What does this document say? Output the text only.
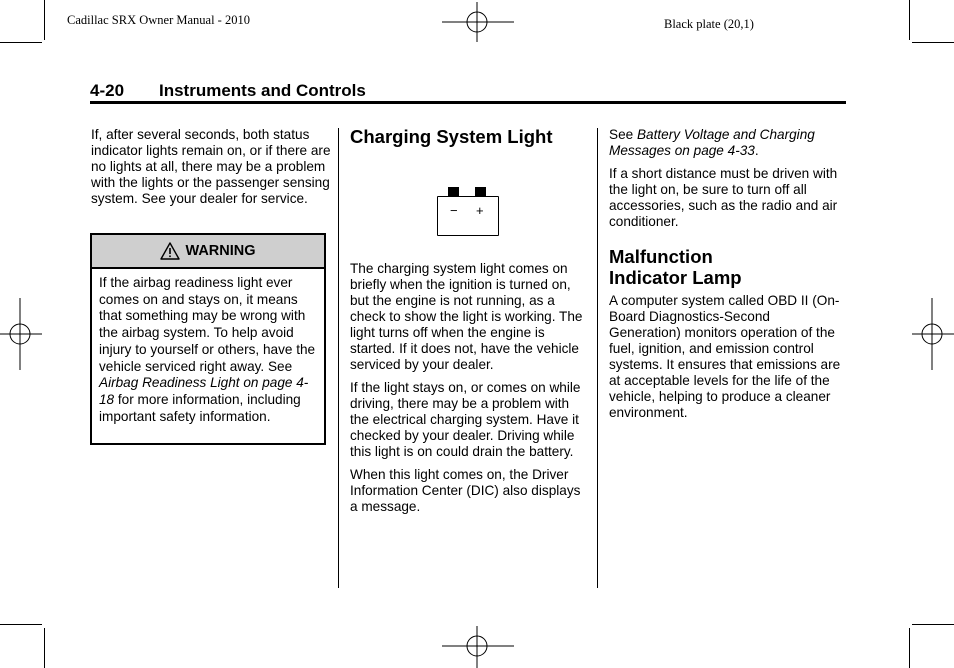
Cadillac SRX Owner Manual - 2010	Black plate (20,1)
4-20 Instruments and Controls
If, after several seconds, both status indicator lights remain on, or if there are no lights at all, there may be a problem with the lights or the passenger sensing system. See your dealer for service.
WARNING
If the airbag readiness light ever comes on and stays on, it means that something may be wrong with the airbag system. To help avoid injury to yourself or others, have the vehicle serviced right away. See Airbag Readiness Light on page 4-18 for more information, including important safety information.
Charging System Light
− +
The charging system light comes on briefly when the ignition is turned on, but the engine is not running, as a check to show the light is working. The light turns off when the engine is started. If it does not, have the vehicle serviced by your dealer.
If the light stays on, or comes on while driving, there may be a problem with the electrical charging system. Have it checked by your dealer. Driving while this light is on could drain the battery.
When this light comes on, the Driver Information Center (DIC) also displays a message.
See Battery Voltage and Charging Messages on page 4-33.
If a short distance must be driven with the light on, be sure to turn off all accessories, such as the radio and air conditioner.
Malfunction
Indicator Lamp
A computer system called OBD II (On-Board Diagnostics-Second Generation) monitors operation of the fuel, ignition, and emission control systems. It ensures that emissions are at acceptable levels for the life of the vehicle, helping to produce a cleaner environment.
